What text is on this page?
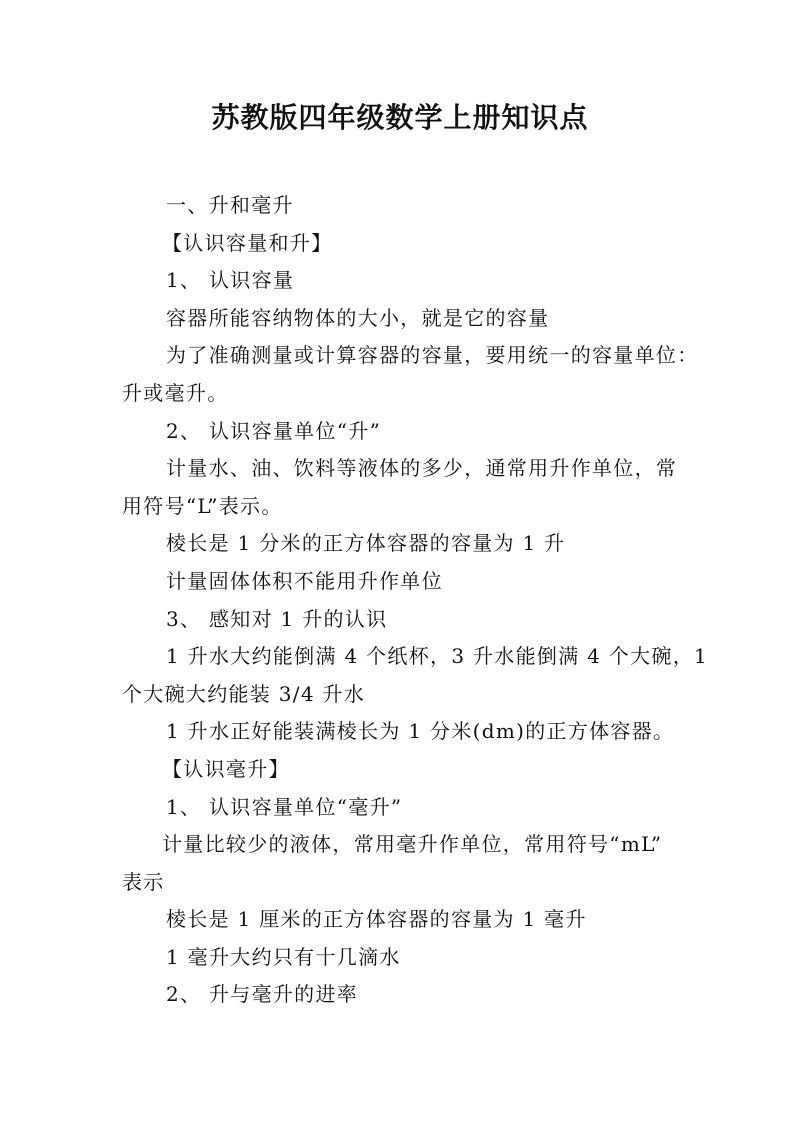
苏教版四年级数学上册知识点
一、升和毫升
【认识容量和升】
1、 认识容量
容器所能容纳物体的大小，就是它的容量
为了准确测量或计算容器的容量，要用统一的容量单位：
升或毫升。
2、 认识容量单位“升”
计量水、油、饮料等液体的多少，通常用升作单位，常
用符号“L”表示。
棱长是 1 分米的正方体容器的容量为 1 升
计量固体体积不能用升作单位
3、 感知对 1 升的认识
1 升水大约能倒满 4 个纸杯，3 升水能倒满 4 个大碗，1
个大碗大约能装 3/4 升水
1 升水正好能装满棱长为 1 分米(dm)的正方体容器。
【认识毫升】
1、 认识容量单位“毫升”
计量比较少的液体，常用毫升作单位，常用符号“mL”
表示
棱长是 1 厘米的正方体容器的容量为 1 毫升
1 毫升大约只有十几滴水
2、 升与毫升的进率
